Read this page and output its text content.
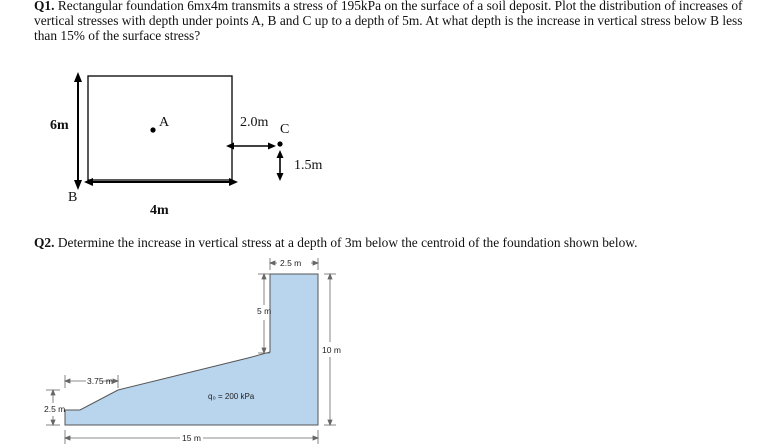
Q1. Rectangular foundation 6mx4m transmits a stress of 195kPa on the surface of a soil deposit. Plot the distribution of increases of vertical stresses with depth under points A, B and C up to a depth of 5m. At what depth is the increase in vertical stress below B less than 15% of the surface stress?
6m
4m
A
B
C
2.0m
1.5m
Q2. Determine the increase in vertical stress at a depth of 3m below the centroid of the foundation shown below.
2.5 m
5 m
10 m
3.75 m
2.5 m
15 m
q₀ = 200 kPa
